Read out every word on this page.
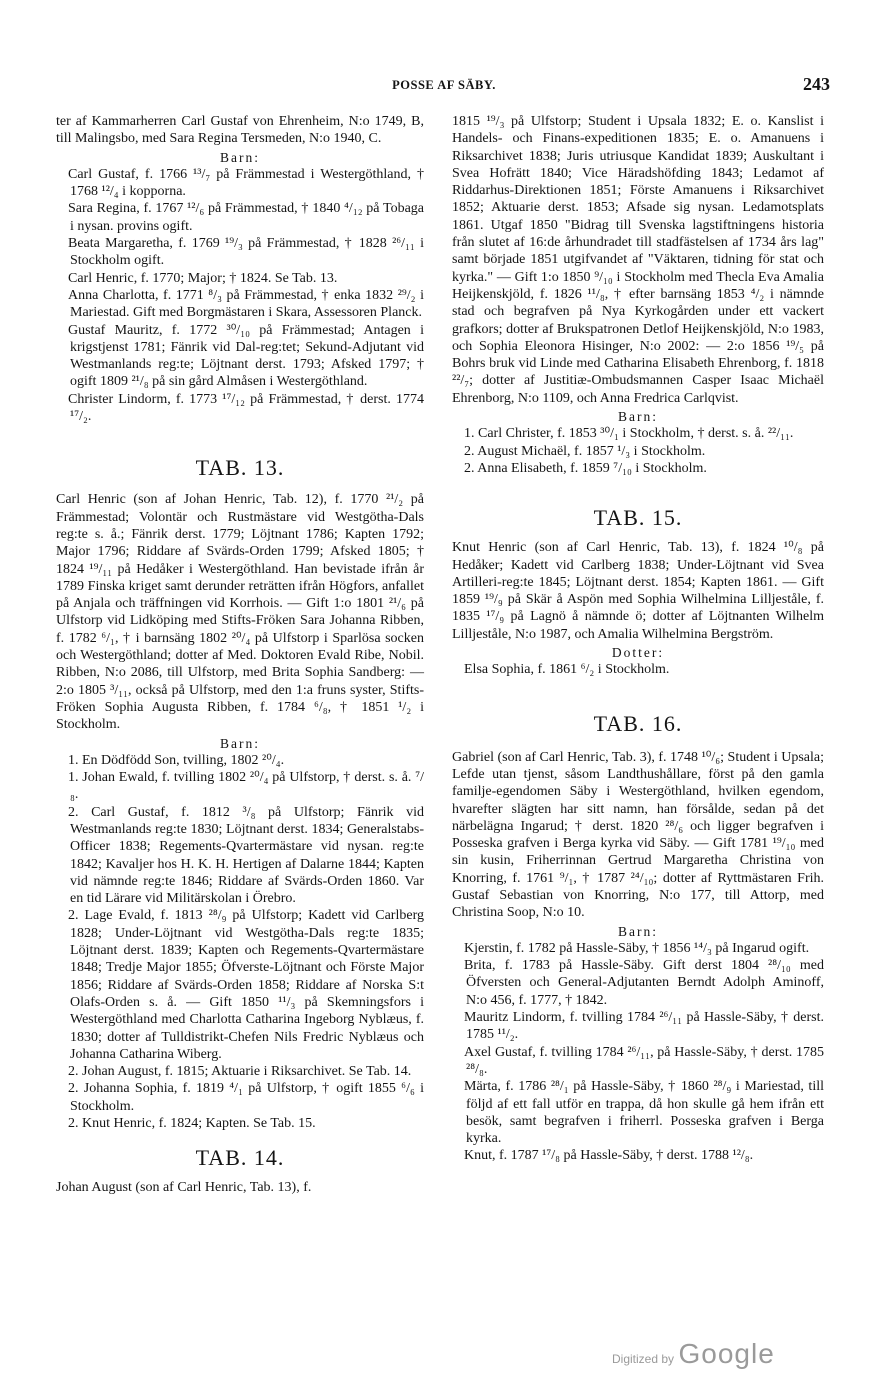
POSSE AF SÄBY.	243

ter af Kammarherren Carl Gustaf von Ehrenheim, N:o 1749, B, till Malingsbo, med Sara Regina Tersmeden, N:o 1940, C.

Barn:

Carl Gustaf, f. 1766 ¹³/₇ på Främmestad i Westergöthland, † 1768 ¹²/₄ i kopporna.

Sara Regina, f. 1767 ¹²/₆ på Främmestad, † 1840 ⁴/₁₂ på Tobaga i nysan. provins ogift.

Beata Margaretha, f. 1769 ¹⁹/₃ på Främmestad, † 1828 ²⁶/₁₁ i Stockholm ogift.

Carl Henric, f. 1770; Major; † 1824. Se Tab. 13.

Anna Charlotta, f. 1771 ⁸/₃ på Främmestad, † enka 1832 ²⁹/₂ i Mariestad. Gift med Borgmästaren i Skara, Assessoren Planck.

Gustaf Mauritz, f. 1772 ³⁰/₁₀ på Främmestad; Antagen i krigstjenst 1781; Fänrik vid Dal-reg:tet; Sekund-Adjutant vid Westmanlands reg:te; Löjtnant derst. 1793; Afsked 1797; † ogift 1809 ²¹/₈ på sin gård Almåsen i Westergöthland.

Christer Lindorm, f. 1773 ¹⁷/₁₂ på Främmestad, † derst. 1774 ¹⁷/₂.

TAB. 13.

Carl Henric (son af Johan Henric, Tab. 12), f. 1770 ²¹/₂ på Främmestad; Volontär och Rustmästare vid Westgötha-Dals reg:te s. å.; Fänrik derst. 1779; Löjtnant 1786; Kapten 1792; Major 1796; Riddare af Svärds-Orden 1799; Afsked 1805; † 1824 ¹⁹/₁₁ på Hedåker i Westergöthland. Han bevistade ifrån år 1789 Finska kriget samt derunder reträtten ifrån Högfors, anfallet på Anjala och träffningen vid Korrhois. — Gift 1:o 1801 ²¹/₆ på Ulfstorp vid Lidköping med Stifts-Fröken Sara Johanna Ribben, f. 1782 ⁶/₁, † i barnsäng 1802 ²⁰/₄ på Ulfstorp i Sparlösa socken och Westergöthland; dotter af Med. Doktoren Evald Ribe, Nobil. Ribben, N:o 2086, till Ulfstorp, med Brita Sophia Sandberg: — 2:o 1805 ³/₁₁, också på Ulfstorp, med den 1:a fruns syster, Stifts-Fröken Sophia Augusta Ribben, f. 1784 ⁶/₈, † 1851 ¹/₂ i Stockholm.

Barn:

1. En Dödfödd Son, tvilling, 1802 ²⁰/₄.

1. Johan Ewald, f. tvilling 1802 ²⁰/₄ på Ulfstorp, † derst. s. å. ⁷/₈.

2. Carl Gustaf, f. 1812 ³/₈ på Ulfstorp; Fänrik vid Westmanlands reg:te 1830; Löjtnant derst. 1834; Generalstabs-Officer 1838; Regements-Qvartermästare vid nysan. reg:te 1842; Kavaljer hos H. K. H. Hertigen af Dalarne 1844; Kapten vid nämnde reg:te 1846; Riddare af Svärds-Orden 1860. Var en tid Lärare vid Militärskolan i Örebro.

2. Lage Evald, f. 1813 ²⁸/₉ på Ulfstorp; Kadett vid Carlberg 1828; Under-Löjtnant vid Westgötha-Dals reg:te 1835; Löjtnant derst. 1839; Kapten och Regements-Qvartermästare 1848; Tredje Major 1855; Öfverste-Löjtnant och Förste Major 1856; Riddare af Svärds-Orden 1858; Riddare af Norska S:t Olafs-Orden s. å. — Gift 1850 ¹¹/₃ på Skemningsfors i Westergöthland med Charlotta Catharina Ingeborg Nyblæus, f. 1830; dotter af Tulldistrikt-Chefen Nils Fredric Nyblæus och Johanna Catharina Wiberg.

2. Johan August, f. 1815; Aktuarie i Riksarchivet. Se Tab. 14.

2. Johanna Sophia, f. 1819 ⁴/₁ på Ulfstorp, † ogift 1855 ⁶/₆ i Stockholm.

2. Knut Henric, f. 1824; Kapten. Se Tab. 15.

TAB. 14.

Johan August (son af Carl Henric, Tab. 13), f.

1815 ¹⁹/₃ på Ulfstorp; Student i Upsala 1832; E. o. Kanslist i Handels- och Finans-expeditionen 1835; E. o. Amanuens i Riksarchivet 1838; Juris utriusque Kandidat 1839; Auskultant i Svea Hofrätt 1840; Vice Häradshöfding 1843; Ledamot af Riddarhus-Direktionen 1851; Förste Amanuens i Riksarchivet 1852; Aktuarie derst. 1853; Afsade sig nysan. Ledamotsplats 1861. Utgaf 1850 "Bidrag till Svenska lagstiftningens historia från slutet af 16:de århundradet till stadfästelsen af 1734 års lag" samt började 1851 utgifvandet af "Väktaren, tidning för stat och kyrka." — Gift 1:o 1850 ⁹/₁₀ i Stockholm med Thecla Eva Amalia Heijkenskjöld, f. 1826 ¹¹/₈, † efter barnsäng 1853 ⁴/₂ i nämnde stad och begrafven på Nya Kyrkogården under ett vackert grafkors; dotter af Brukspatronen Detlof Heijkenskjöld, N:o 1983, och Sophia Eleonora Hisinger, N:o 2002: — 2:o 1856 ¹⁹/₅ på Bohrs bruk vid Linde med Catharina Elisabeth Ehrenborg, f. 1818 ²²/₇; dotter af Justitiæ-Ombudsmannen Casper Isaac Michaël Ehrenborg, N:o 1109, och Anna Fredrica Carlqvist.

Barn:

1. Carl Christer, f. 1853 ³⁰/₁ i Stockholm, † derst. s. å. ²²/₁₁.

2. August Michaël, f. 1857 ¹/₃ i Stockholm.

2. Anna Elisabeth, f. 1859 ⁷/₁₀ i Stockholm.

TAB. 15.

Knut Henric (son af Carl Henric, Tab. 13), f. 1824 ¹⁰/₈ på Hedåker; Kadett vid Carlberg 1838; Under-Löjtnant vid Svea Artilleri-reg:te 1845; Löjtnant derst. 1854; Kapten 1861. — Gift 1859 ¹⁹/₉ på Skär å Aspön med Sophia Wilhelmina Lilljeståle, f. 1835 ¹⁷/₉ på Lagnö å nämnde ö; dotter af Löjtnanten Wilhelm Lilljeståle, N:o 1987, och Amalia Wilhelmina Bergström.

Dotter:

Elsa Sophia, f. 1861 ⁶/₂ i Stockholm.

TAB. 16.

Gabriel (son af Carl Henric, Tab. 3), f. 1748 ¹⁰/₆; Student i Upsala; Lefde utan tjenst, såsom Landthushållare, först på den gamla familje-egendomen Säby i Westergöthland, hvilken egendom, hvarefter slägten har sitt namn, han försålde, sedan på det närbelägna Ingarud; † derst. 1820 ²⁸/₆ och ligger begrafven i Posseska grafven i Berga kyrka vid Säby. — Gift 1781 ¹⁹/₁₀ med sin kusin, Friherrinnan Gertrud Margaretha Christina von Knorring, f. 1761 ⁹/₁, † 1787 ²⁴/₁₀; dotter af Ryttmästaren Frih. Gustaf Sebastian von Knorring, N:o 177, till Attorp, med Christina Soop, N:o 10.

Barn:

Kjerstin, f. 1782 på Hassle-Säby, † 1856 ¹⁴/₃ på Ingarud ogift.

Brita, f. 1783 på Hassle-Säby. Gift derst 1804 ²⁸/₁₀ med Öfversten och General-Adjutanten Berndt Adolph Aminoff, N:o 456, f. 1777, † 1842.

Mauritz Lindorm, f. tvilling 1784 ²⁶/₁₁ på Hassle-Säby, † derst. 1785 ¹¹/₂.

Axel Gustaf, f. tvilling 1784 ²⁶/₁₁, på Hassle-Säby, † derst. 1785 ²⁸/₈.

Märta, f. 1786 ²⁸/₁ på Hassle-Säby, † 1860 ²⁸/₉ i Mariestad, till följd af ett fall utför en trappa, då hon skulle gå hem ifrån ett besök, samt begrafven i friherrl. Posseska grafven i Berga kyrka.

Knut, f. 1787 ¹⁷/₈ på Hassle-Säby, † derst. 1788 ¹²/₈.

Digitized by Google
